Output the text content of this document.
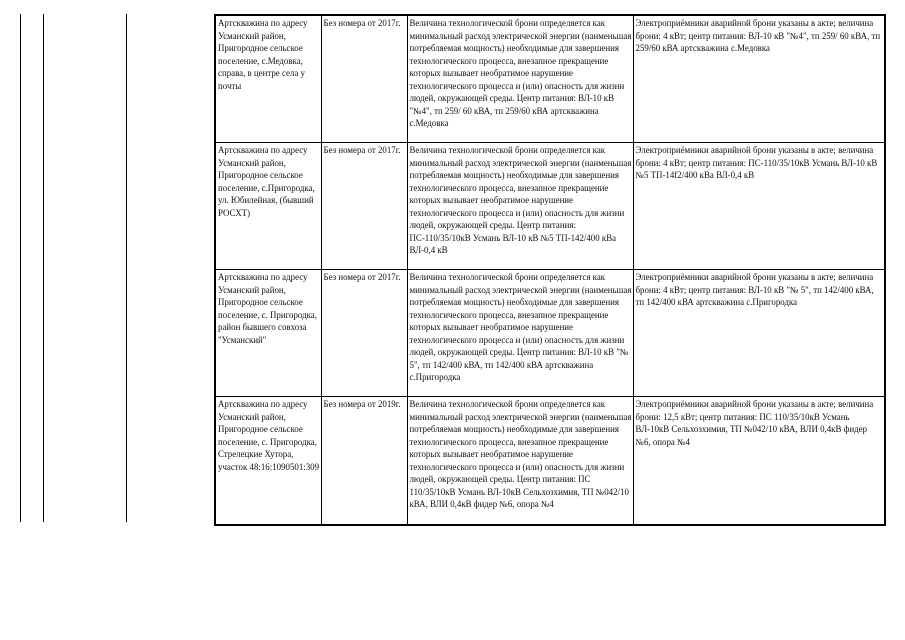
Артскважина по адресу Усманский район, Пригородное сельское поселение, с.Медовка, справа, в центре села у почты	Без номера от 2017г.	Величина технологической брони определяется как минимальный расход электрической энергии (наименьшая потребляемая мощность) необходимые для завершения технологического процесса, внезапное прекращение которых вызывает необратимое нарушение технологического процесса и (или) опасность для жизни людей, окружающей среды. Центр питания: ВЛ-10 кВ "№4", тп 259/ 60 кВА, тп 259/60 кВА артскважина с.Медовка	Электроприёмники аварийной брони указаны в акте; величина брони: 4 кВт; центр питания: ВЛ-10 кВ "№4", тп 259/ 60 кВА, тп 259/60 кВА артскважина с.Медовка
Артскважина по адресу Усманский район, Пригородное сельское поселение, с.Пригородка, ул. Юбилейная, (бывший РОСХТ)	Без номера от 2017г.	Величина технологической брони определяется как минимальный расход электрической энергии (наименьшая потребляемая мощность) необходимые для завершения технологического процесса, внезапное прекращение которых вызывает необратимое нарушение технологического процесса и (или) опасность для жизни людей, окружающей среды. Центр питания: ПС-110/35/10кВ Усмань ВЛ-10 кВ №5 ТП-142/400 кВа ВЛ-0,4 кВ	Электроприёмники аварийной брони указаны в акте; величина брони: 4 кВт; центр питания: ПС-110/35/10кВ Усмань ВЛ-10 кВ №5 ТП-14f2/400 кВа ВЛ-0,4 кВ
Артскважина по адресу Усманский район, Пригородное сельское поселение, с. Пригородка, район бывшего совхоза "Усманский"	Без номера от 2017г.	Величина технологической брони определяется как минимальный расход электрической энергии (наименьшая потребляемая мощность) необходимые для завершения технологического процесса, внезапное прекращение которых вызывает необратимое нарушение технологического процесса и (или) опасность для жизни людей, окружающей среды. Центр питания: ВЛ-10 кВ "№ 5", тп 142/400 кВА, тп 142/400 кВА артскважина с.Пригородка	Электроприёмники аварийной брони указаны в акте; величина брони: 4 кВт; центр питания: ВЛ-10 кВ "№ 5", тп 142/400 кВА, тп 142/400 кВА артскважина с.Пригородка
Артскважина по адресу Усманский район, Пригородное сельское поселение, с. Пригородка, Стрелецкие Хутора, участок 48:16:1090501:309	Без номера от 2019г.	Величина технологической брони определяется как минимальный расход электрической энергии (наименьшая потребляемая мощность) необходимые для завершения технологического процесса, внезапное прекращение которых вызывает необратимое нарушение технологического процесса и (или) опасность для жизни людей, окружающей среды. Центр питания: ПС 110/35/10кВ Усмань ВЛ-10кВ Сельхозхимия, ТП №042/10 кВА, ВЛИ 0,4кВ фидер №6, опора №4	Электроприёмники аварийной брони указаны в акте; величина брони: 12,5 кВт; центр питания: ПС 110/35/10кВ Усмань ВЛ-10кВ Сельхозхимия, ТП №042/10 кВА, ВЛИ 0,4кВ фидер №6, опора №4
